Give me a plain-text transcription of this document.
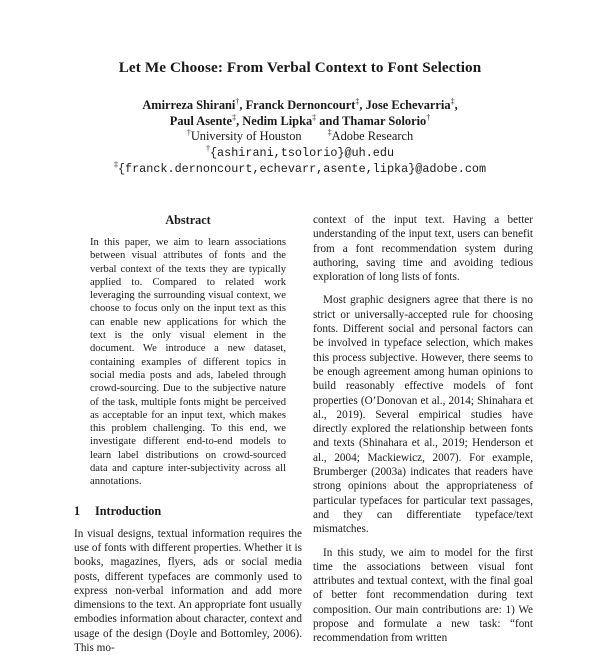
Let Me Choose: From Verbal Context to Font Selection
Amirreza Shirani†, Franck Dernoncourt‡, Jose Echevarria‡,
Paul Asente‡, Nedim Lipka‡ and Thamar Solorio†
†University of Houston	‡Adobe Research
†{ashirani,tsolorio}@uh.edu
‡{franck.dernoncourt,echevarr,asente,lipka}@adobe.com
Abstract

In this paper, we aim to learn associations between visual attributes of fonts and the verbal context of the texts they are typically applied to. Compared to related work leveraging the surrounding visual context, we choose to focus only on the input text as this can enable new applications for which the text is the only visual element in the document. We introduce a new dataset, containing examples of different topics in social media posts and ads, labeled through crowd-sourcing. Due to the subjective nature of the task, multiple fonts might be perceived as acceptable for an input text, which makes this problem challenging. To this end, we investigate different end-to-end models to learn label distributions on crowd-sourced data and capture inter-subjectivity across all annotations.

1 Introduction

In visual designs, textual information requires the use of fonts with different properties. Whether it is books, magazines, flyers, ads or social media posts, different typefaces are commonly used to express non-verbal information and add more dimensions to the text. An appropriate font usually embodies information about character, context and usage of the design (Doyle and Bottomley, 2006). This mo-

context of the input text. Having a better understanding of the input text, users can benefit from a font recommendation system during authoring, saving time and avoiding tedious exploration of long lists of fonts.

Most graphic designers agree that there is no strict or universally-accepted rule for choosing fonts. Different social and personal factors can be involved in typeface selection, which makes this process subjective. However, there seems to be enough agreement among human opinions to build reasonably effective models of font properties (O’Donovan et al., 2014; Shinahara et al., 2019). Several empirical studies have directly explored the relationship between fonts and texts (Shinahara et al., 2019; Henderson et al., 2004; Mackiewicz, 2007). For example, Brumberger (2003a) indicates that readers have strong opinions about the appropriateness of particular typefaces for particular text passages, and they can differentiate typeface/text mismatches.

In this study, we aim to model for the first time the associations between visual font attributes and textual context, with the final goal of better font recommendation during text composition. Our main contributions are: 1) We propose and formulate a new task: “font recommendation from written
